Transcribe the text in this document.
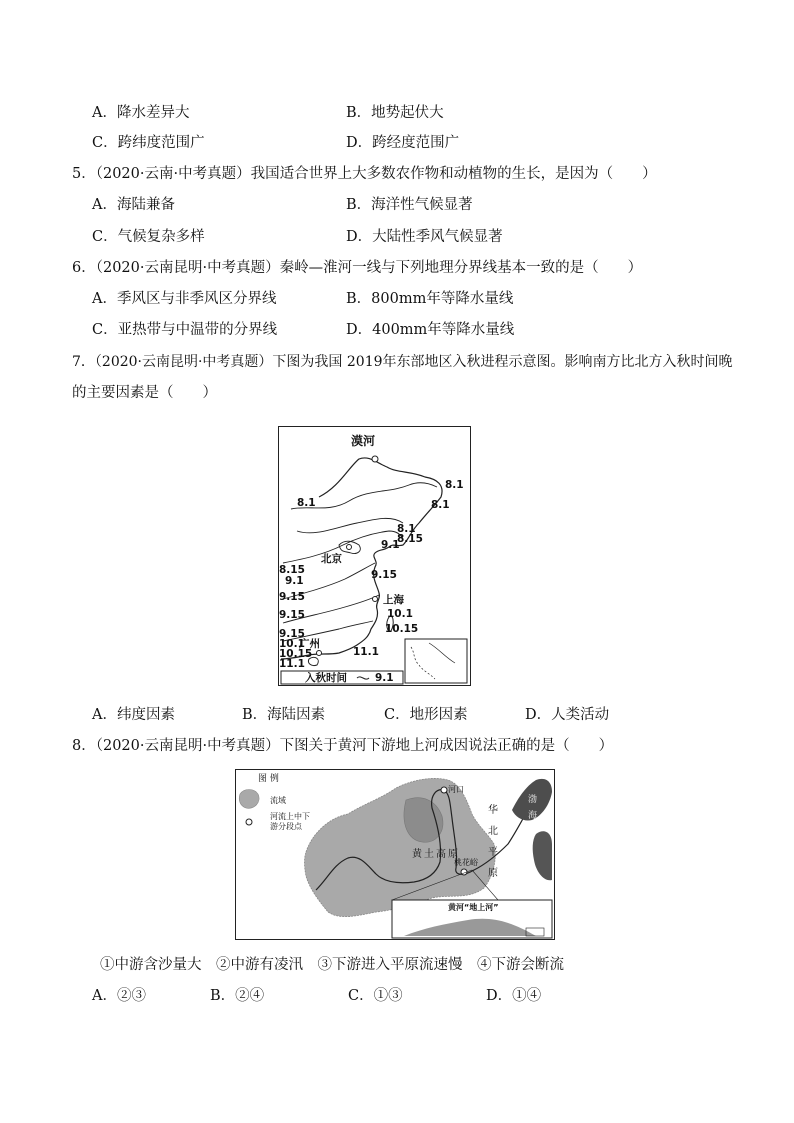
A．降水差异大	B．地势起伏大
C．跨纬度范围广	D．跨经度范围广
5．（2020·云南·中考真题）我国适合世界上大多数农作物和动植物的生长，是因为（　　）
A．海陆兼备	B．海洋性气候显著
C．气候复杂多样	D．大陆性季风气候显著
6．（2020·云南昆明·中考真题）秦岭—淮河一线与下列地理分界线基本一致的是（　　）
A．季风区与非季风区分界线	B．800mm年等降水量线
C．亚热带与中温带的分界线	D．400mm年等降水量线
7．（2020·云南昆明·中考真题）下图为我国 2019年东部地区入秋进程示意图。影响南方比北方入秋时间晚
的主要因素是（　　）
漠河
北京
上海
广州
入秋时间	9.1
8.1
8.1
8.1
8.1
8.15
9.1
8.15
9.1	9.15
9.15
9.15	10.1
9.15	10.15
10.1
10.15
11.1
11.1
A．纬度因素	B．海陆因素	C．地形因素	D．人类活动
8．（2020·云南昆明·中考真题）下图关于黄河下游地上河成因说法正确的是（　　）
图 例
流域
河流上中下
游分段点
河口
桃花峪
黄土高原
华北平原
渤海
黄河“地上河”
①中游含沙量大　②中游有凌汛　③下游进入平原流速慢　④下游会断流
A．②③	B．②④	C．①③	D．①④
